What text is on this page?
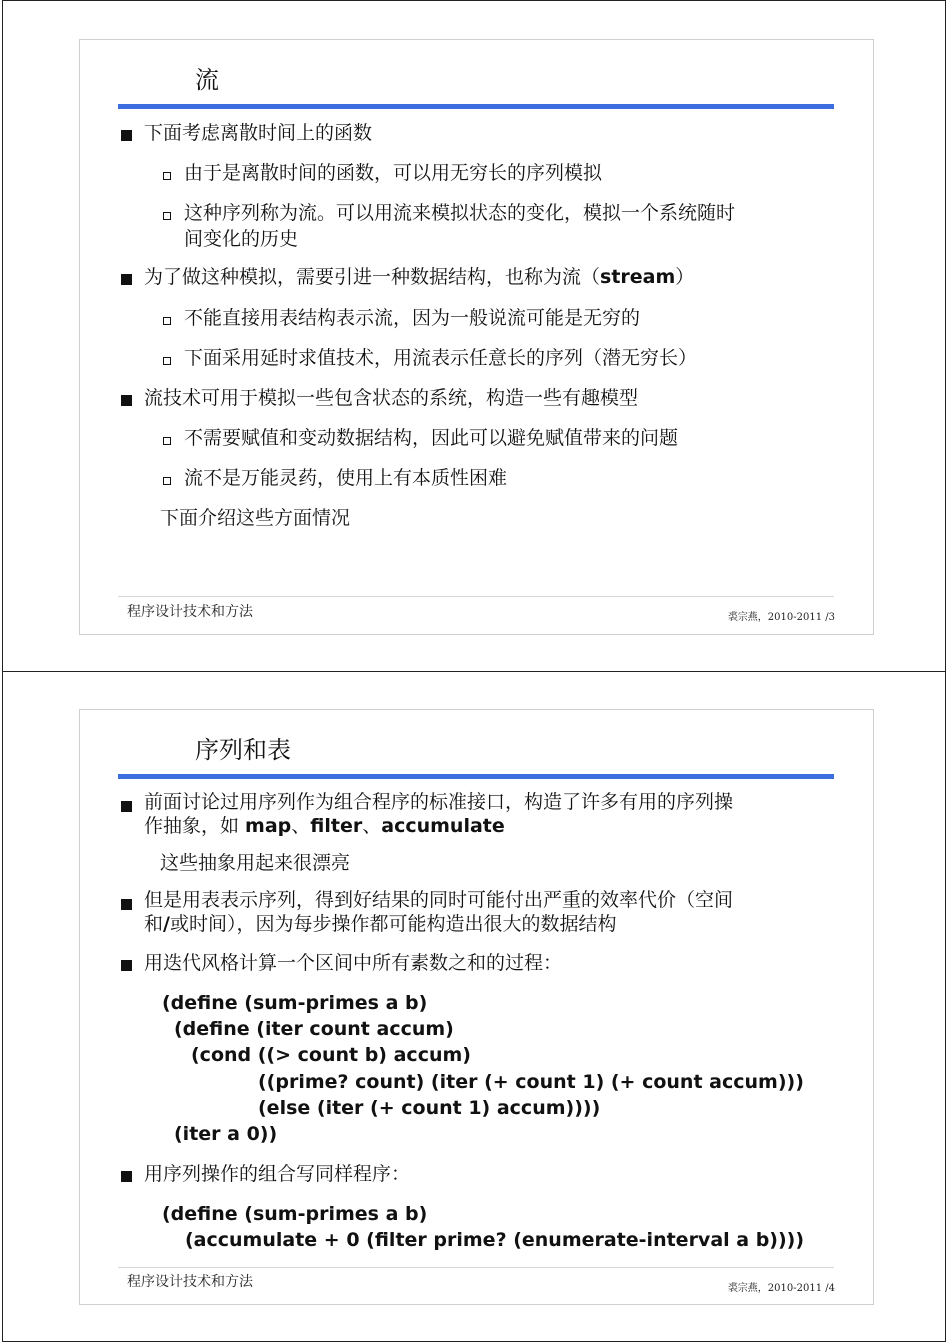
流
下面考虑离散时间上的函数
由于是离散时间的函数，可以用无穷长的序列模拟
这种序列称为流。可以用流来模拟状态的变化，模拟一个系统随时
间变化的历史
为了做这种模拟，需要引进一种数据结构，也称为流（stream）
不能直接用表结构表示流，因为一般说流可能是无穷的
下面采用延时求值技术，用流表示任意长的序列（潜无穷长）
流技术可用于模拟一些包含状态的系统，构造一些有趣模型
不需要赋值和变动数据结构，因此可以避免赋值带来的问题
流不是万能灵药，使用上有本质性困难
下面介绍这些方面情况
程序设计技术和方法	裘宗燕，2010-2011 /3
序列和表
前面讨论过用序列作为组合程序的标准接口，构造了许多有用的序列操
作抽象，如 map、filter、accumulate
这些抽象用起来很漂亮
但是用表表示序列，得到好结果的同时可能付出严重的效率代价（空间
和/或时间），因为每步操作都可能构造出很大的数据结构
用迭代风格计算一个区间中所有素数之和的过程：
(define (sum-primes a b)
(define (iter count accum)
(cond ((> count b) accum)
((prime? count) (iter (+ count 1) (+ count accum)))
(else (iter (+ count 1) accum))))
(iter a 0))
用序列操作的组合写同样程序：
(define (sum-primes a b)
(accumulate + 0 (filter prime? (enumerate-interval a b))))
程序设计技术和方法	裘宗燕，2010-2011 /4
